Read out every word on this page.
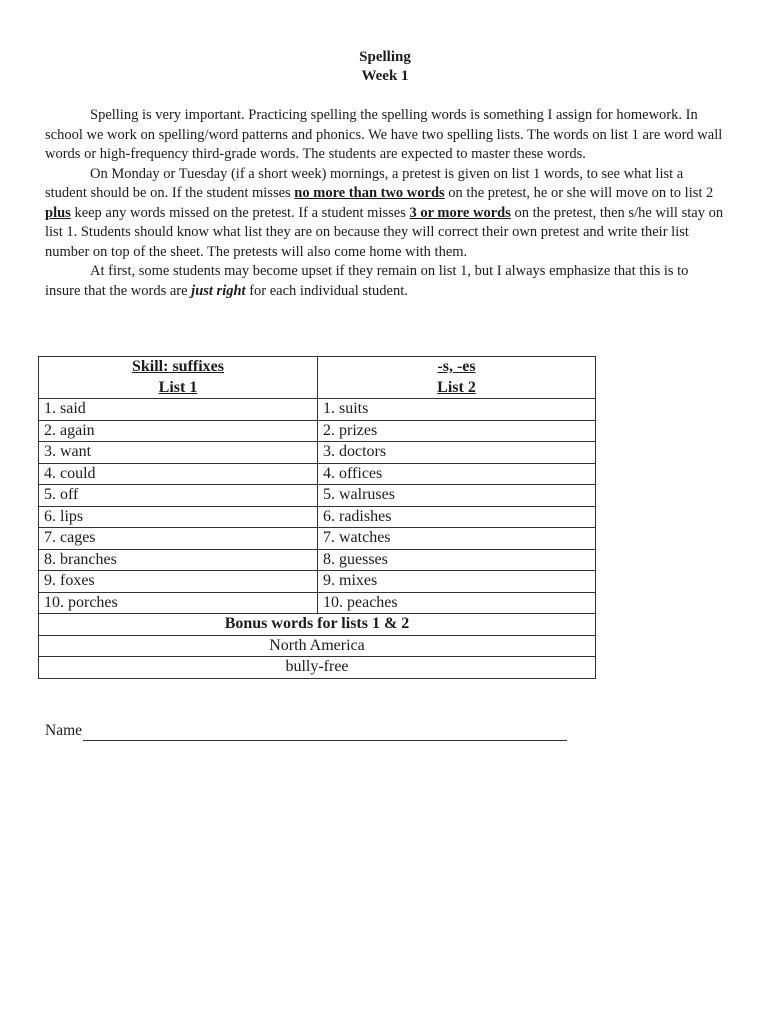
Spelling
Week 1

Spelling is very important. Practicing spelling the spelling words is something I assign for homework. In school we work on spelling/word patterns and phonics. We have two spelling lists. The words on list 1 are word wall words or high-frequency third-grade words. The students are expected to master these words.

On Monday or Tuesday (if a short week) mornings, a pretest is given on list 1 words, to see what list a student should be on. If the student misses no more than two words on the pretest, he or she will move on to list 2 plus keep any words missed on the pretest. If a student misses 3 or more words on the pretest, then s/he will stay on list 1. Students should know what list they are on because they will correct their own pretest and write their list number on top of the sheet. The pretests will also come home with them.

At first, some students may become upset if they remain on list 1, but I always emphasize that this is to insure that the words are just right for each individual student.

Skill: suffixes	-s, -es
List 1	List 2
1. said	1. suits
2. again	2. prizes
3. want	3. doctors
4. could	4. offices
5. off	5. walruses
6. lips	6. radishes
7. cages	7. watches
8. branches	8. guesses
9. foxes	9. mixes
10. porches	10. peaches
Bonus words for lists 1 & 2	
North America	
bully-free	
Name
